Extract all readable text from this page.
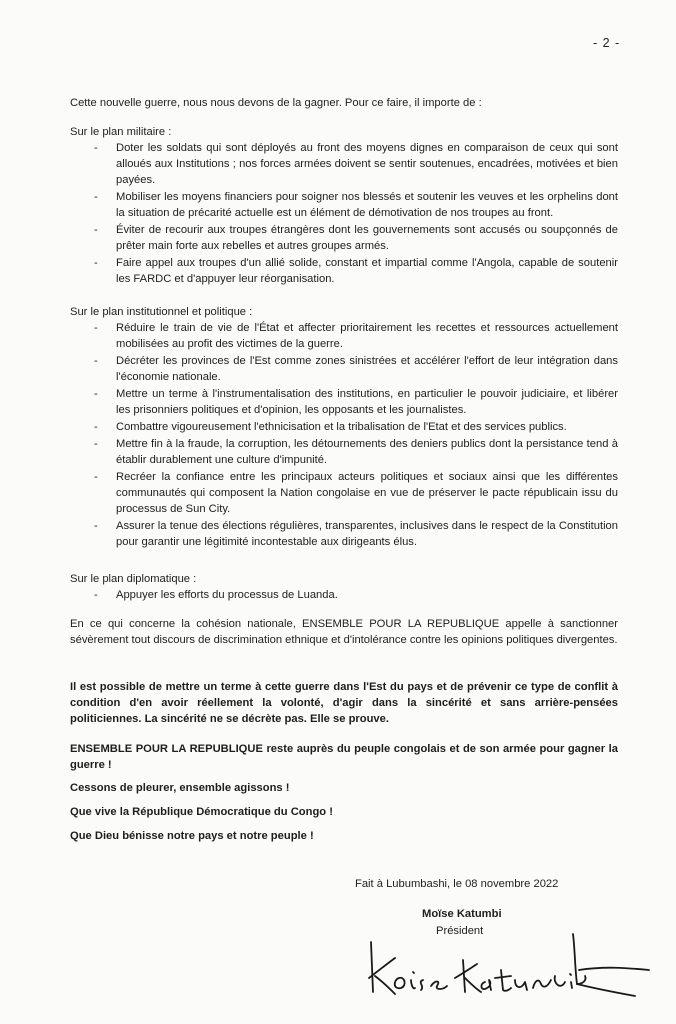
- 2 -

Cette nouvelle guerre, nous nous devons de la gagner. Pour ce faire, il importe de :

Sur le plan militaire :

- Doter les soldats qui sont déployés au front des moyens dignes en comparaison de ceux qui sont alloués aux Institutions ; nos forces armées doivent se sentir soutenues, encadrées, motivées et bien payées.
- Mobiliser les moyens financiers pour soigner nos blessés et soutenir les veuves et les orphelins dont la situation de précarité actuelle est un élément de démotivation de nos troupes au front.
- Éviter de recourir aux troupes étrangères dont les gouvernements sont accusés ou soupçonnés de prêter main forte aux rebelles et autres groupes armés.
- Faire appel aux troupes d'un allié solide, constant et impartial comme l'Angola, capable de soutenir les FARDC et d'appuyer leur réorganisation.

Sur le plan institutionnel et politique :

- Réduire le train de vie de l'État et affecter prioritairement les recettes et ressources actuellement mobilisées au profit des victimes de la guerre.
- Décréter les provinces de l'Est comme zones sinistrées et accélérer l'effort de leur intégration dans l'économie nationale.
- Mettre un terme à l'instrumentalisation des institutions, en particulier le pouvoir judiciaire, et libérer les prisonniers politiques et d'opinion, les opposants et les journalistes.
- Combattre vigoureusement l'ethnicisation et la tribalisation de l'Etat et des services publics.
- Mettre fin à la fraude, la corruption, les détournements des deniers publics dont la persistance tend à établir durablement une culture d'impunité.
- Recréer la confiance entre les principaux acteurs politiques et sociaux ainsi que les différentes communautés qui composent la Nation congolaise en vue de préserver le pacte républicain issu du processus de Sun City.
- Assurer la tenue des élections régulières, transparentes, inclusives dans le respect de la Constitution pour garantir une légitimité incontestable aux dirigeants élus.

Sur le plan diplomatique :

- Appuyer les efforts du processus de Luanda.

En ce qui concerne la cohésion nationale, ENSEMBLE POUR LA REPUBLIQUE appelle à sanctionner sévèrement tout discours de discrimination ethnique et d'intolérance contre les opinions politiques divergentes.

Il est possible de mettre un terme à cette guerre dans l'Est du pays et de prévenir ce type de conflit à condition d'en avoir réellement la volonté, d'agir dans la sincérité et sans arrière-pensées politiciennes. La sincérité ne se décrète pas. Elle se prouve.

ENSEMBLE POUR LA REPUBLIQUE reste auprès du peuple congolais et de son armée pour gagner la guerre !

Cessons de pleurer, ensemble agissons !

Que vive la République Démocratique du Congo !

Que Dieu bénisse notre pays et notre peuple !

Fait à Lubumbashi, le 08 novembre 2022
Moïse Katumbi
Président
